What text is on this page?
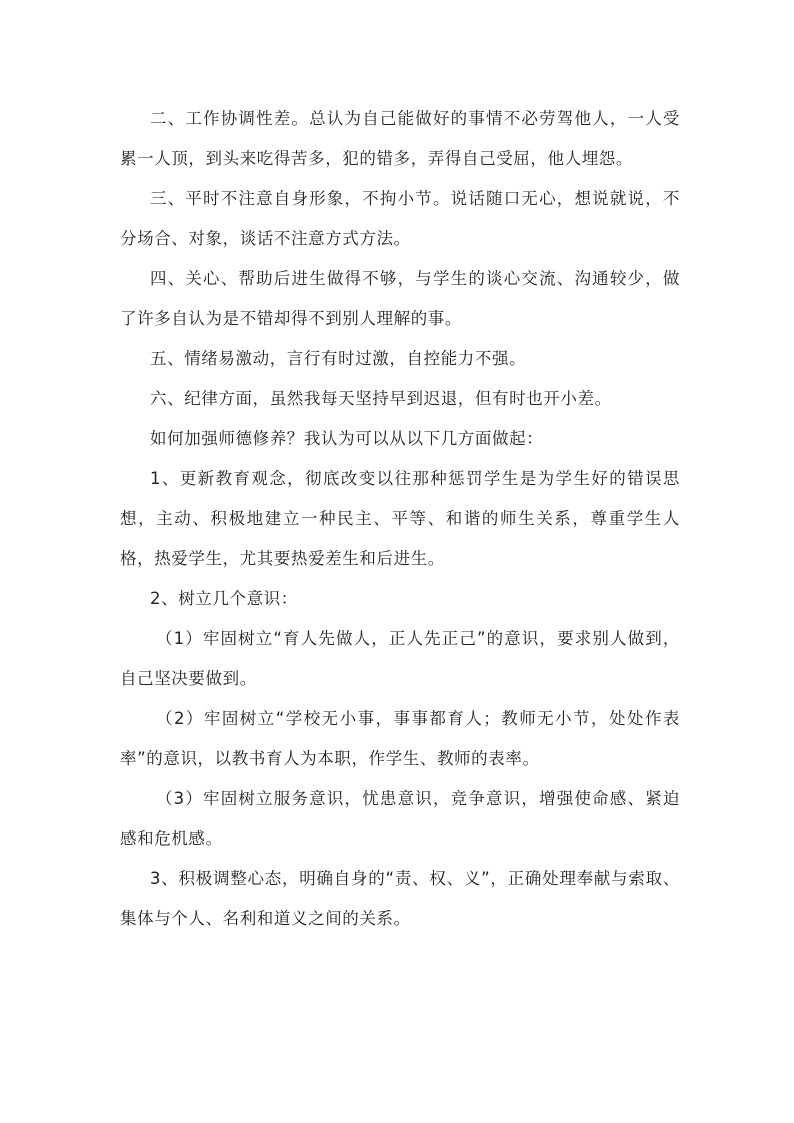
二、工作协调性差。总认为自己能做好的事情不必劳驾他人，一人受累一人顶，到头来吃得苦多，犯的错多，弄得自己受屈，他人埋怨。

三、平时不注意自身形象，不拘小节。说话随口无心，想说就说，不分场合、对象，谈话不注意方式方法。

四、关心、帮助后进生做得不够，与学生的谈心交流、沟通较少，做了许多自认为是不错却得不到别人理解的事。

五、情绪易激动，言行有时过激，自控能力不强。

六、纪律方面，虽然我每天坚持早到迟退，但有时也开小差。

如何加强师德修养？我认为可以从以下几方面做起：

1、更新教育观念，彻底改变以往那种惩罚学生是为学生好的错误思想，主动、积极地建立一种民主、平等、和谐的师生关系，尊重学生人格，热爱学生，尤其要热爱差生和后进生。

2、树立几个意识：

（1）牢固树立“育人先做人，正人先正己”的意识，要求别人做到，自己坚决要做到。

（2）牢固树立“学校无小事，事事都育人；教师无小节，处处作表率”的意识，以教书育人为本职，作学生、教师的表率。

（3）牢固树立服务意识，忧患意识，竞争意识，增强使命感、紧迫感和危机感。

3、积极调整心态，明确自身的“责、权、义”，正确处理奉献与索取、集体与个人、名利和道义之间的关系。
